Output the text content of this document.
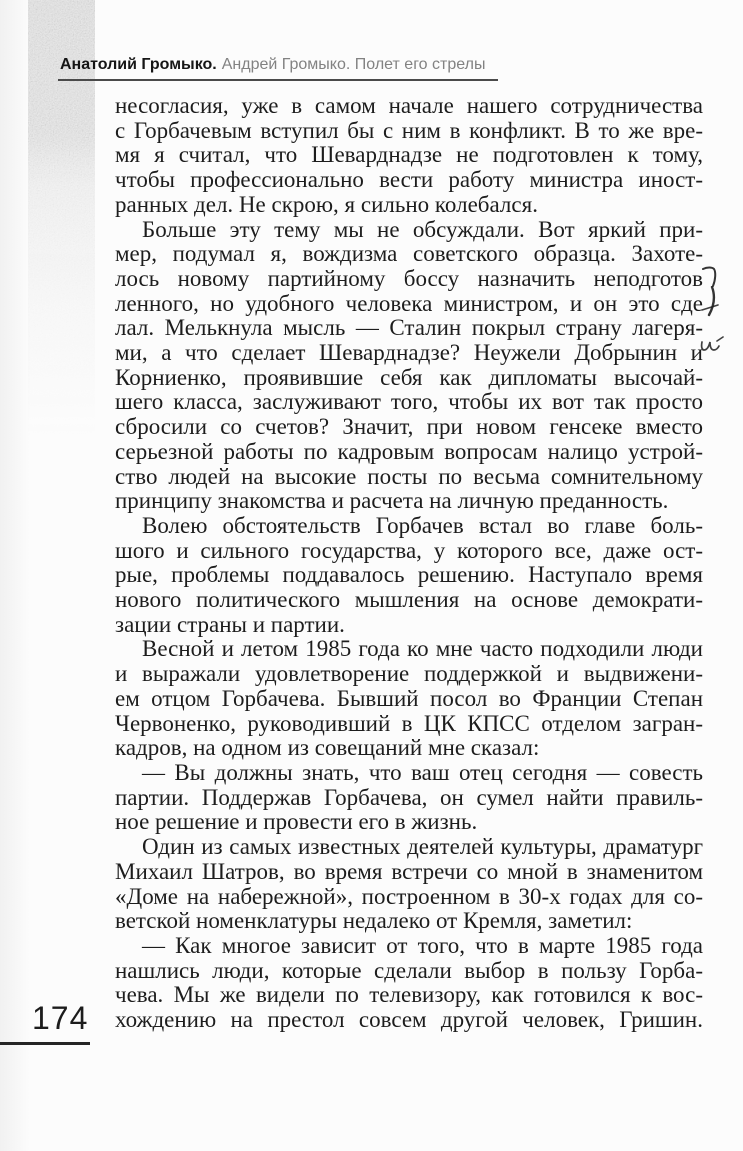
Анатолий Громыко. Андрей Громыко. Полет его стрелы

несогласия, уже в самом начале нашего сотрудничества
с Горбачевым вступил бы с ним в конфликт. В то же вре-
мя я считал, что Шеварднадзе не подготовлен к тому,
чтобы профессионально вести работу министра иност-
ранных дел. Не скрою, я сильно колебался.

Больше эту тему мы не обсуждали. Вот яркий при-
мер, подумал я, вождизма советского образца. Захоте-
лось новому партийному боссу назначить неподготов
ленного, но удобного человека министром, и он это сде
лал. Мелькнула мысль — Сталин покрыл страну лагеря-
ми, а что сделает Шеварднадзе? Неужели Добрынин и
Корниенко, проявившие себя как дипломаты высочай-
шего класса, заслуживают того, чтобы их вот так просто
сбросили со счетов? Значит, при новом генсеке вместо
серьезной работы по кадровым вопросам налицо устрой-
ство людей на высокие посты по весьма сомнительному
принципу знакомства и расчета на личную преданность.

Волею обстоятельств Горбачев встал во главе боль-
шого и сильного государства, у которого все, даже ост-
рые, проблемы поддавалось решению. Наступало время
нового политического мышления на основе демократи-
зации страны и партии.

Весной и летом 1985 года ко мне часто подходили люди
и выражали удовлетворение поддержкой и выдвижени-
ем отцом Горбачева. Бывший посол во Франции Степан
Червоненко, руководивший в ЦК КПСС отделом загран-
кадров, на одном из совещаний мне сказал:

— Вы должны знать, что ваш отец сегодня — совесть
партии. Поддержав Горбачева, он сумел найти правиль-
ное решение и провести его в жизнь.

Один из самых известных деятелей культуры, драматург
Михаил Шатров, во время встречи со мной в знаменитом
«Доме на набережной», построенном в 30-х годах для со-
ветской номенклатуры недалеко от Кремля, заметил:

— Как многое зависит от того, что в марте 1985 года
нашлись люди, которые сделали выбор в пользу Горба-
чева. Мы же видели по телевизору, как готовился к вос-
хождению на престол совсем другой человек, Гришин.

174
